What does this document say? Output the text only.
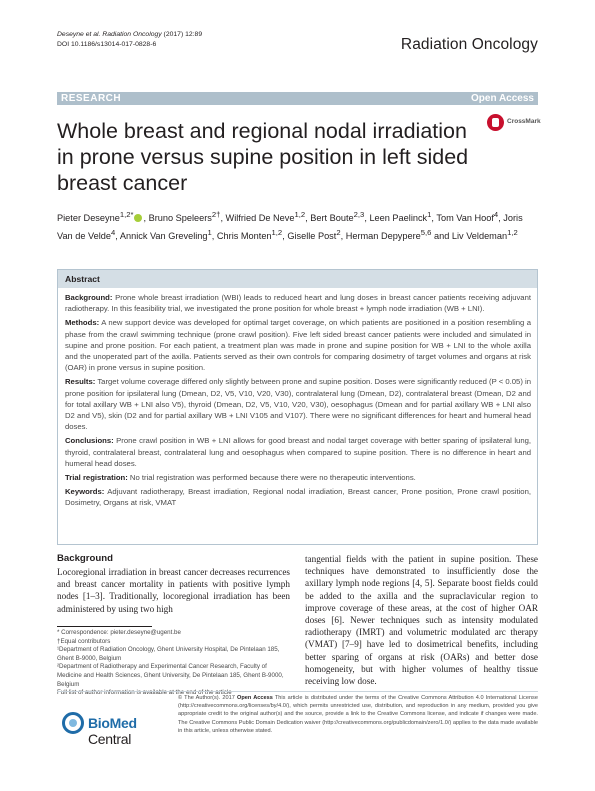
Deseyne et al. Radiation Oncology (2017) 12:89
DOI 10.1186/s13014-017-0828-6	Radiation Oncology
RESEARCH	Open Access
Whole breast and regional nodal irradiation in prone versus supine position in left sided breast cancer
CrossMark
Pieter Deseyne$^{1,2*}$ , Bruno Speleers$^{2\dagger}$, Wilfried De Neve$^{1,2}$, Bert Boute$^{2,3}$, Leen Paelinck$^1$, Tom Van Hoof$^4$, Joris Van de Velde$^4$, Annick Van Greveling$^1$, Chris Monten$^{1,2}$, Giselle Post$^2$, Herman Depypere$^{5,6}$ and Liv Veldeman$^{1,2}$
Abstract

Background: Prone whole breast irradiation (WBI) leads to reduced heart and lung doses in breast cancer patients receiving adjuvant radiotherapy. In this feasibility trial, we investigated the prone position for whole breast + lymph node irradiation (WB + LNI).

Methods: A new support device was developed for optimal target coverage, on which patients are positioned in a position resembling a phase from the crawl swimming technique (prone crawl position). Five left sided breast cancer patients were included and simulated in supine and prone position. For each patient, a treatment plan was made in prone and supine position for WB + LNI to the whole axilla and the unoperated part of the axilla. Patients served as their own controls for comparing dosimetry of target volumes and organs at risk (OAR) in prone versus in supine position.

Results: Target volume coverage differed only slightly between prone and supine position. Doses were significantly reduced (P < 0.05) in prone position for ipsilateral lung (Dmean, D2, V5, V10, V20, V30), contralateral lung (Dmean, D2), contralateral breast (Dmean, D2 and for total axillary WB + LNI also V5), thyroid (Dmean, D2, V5, V10, V20, V30), oesophagus (Dmean and for partial axillary WB + LNI also D2 and V5), skin (D2 and for partial axillary WB + LNI V105 and V107). There were no significant differences for heart and humeral head doses.

Conclusions: Prone crawl position in WB + LNI allows for good breast and nodal target coverage with better sparing of ipsilateral lung, thyroid, contralateral breast, contralateral lung and oesophagus when compared to supine position. There is no difference in heart and humeral head doses.

Trial registration: No trial registration was performed because there were no therapeutic interventions.

Keywords: Adjuvant radiotherapy, Breast irradiation, Regional nodal irradiation, Breast cancer, Prone position, Prone crawl position, Dosimetry, Organs at risk, VMAT

Background
Locoregional irradiation in breast cancer decreases recurrences and breast cancer mortality in patients with positive lymph nodes [1–3]. Traditionally, locoregional irradiation has been administered by using two high
tangential fields with the patient in supine position. These techniques have demonstrated to insufficiently dose the axillary lymph node regions [4, 5]. Separate boost fields could be added to the axilla and the supraclavicular region to improve coverage of these areas, at the cost of higher OAR doses [6]. Newer techniques such as intensity modulated radiotherapy (IMRT) and volumetric modulated arc therapy (VMAT) [7–9] have led to dosimetrical benefits, including better sparing of organs at risk (OARs) and better dose homogeneity, but with higher volumes of healthy tissue receiving low dose.
* Correspondence: pieter.deseyne@ugent.be
†Equal contributors
¹Department of Radiation Oncology, Ghent University Hospital, De Pintelaan 185, Ghent B-9000, Belgium
²Department of Radiotherapy and Experimental Cancer Research, Faculty of Medicine and Health Sciences, Ghent University, De Pintelaan 185, Ghent B-9000, Belgium
Full list of author information is available at the end of the article
BioMed Central
© The Author(s). 2017 Open Access This article is distributed under the terms of the Creative Commons Attribution 4.0 International License (http://creativecommons.org/licenses/by/4.0/), which permits unrestricted use, distribution, and reproduction in any medium, provided you give appropriate credit to the original author(s) and the source, provide a link to the Creative Commons license, and indicate if changes were made. The Creative Commons Public Domain Dedication waiver (http://creativecommons.org/publicdomain/zero/1.0/) applies to the data made available in this article, unless otherwise stated.
